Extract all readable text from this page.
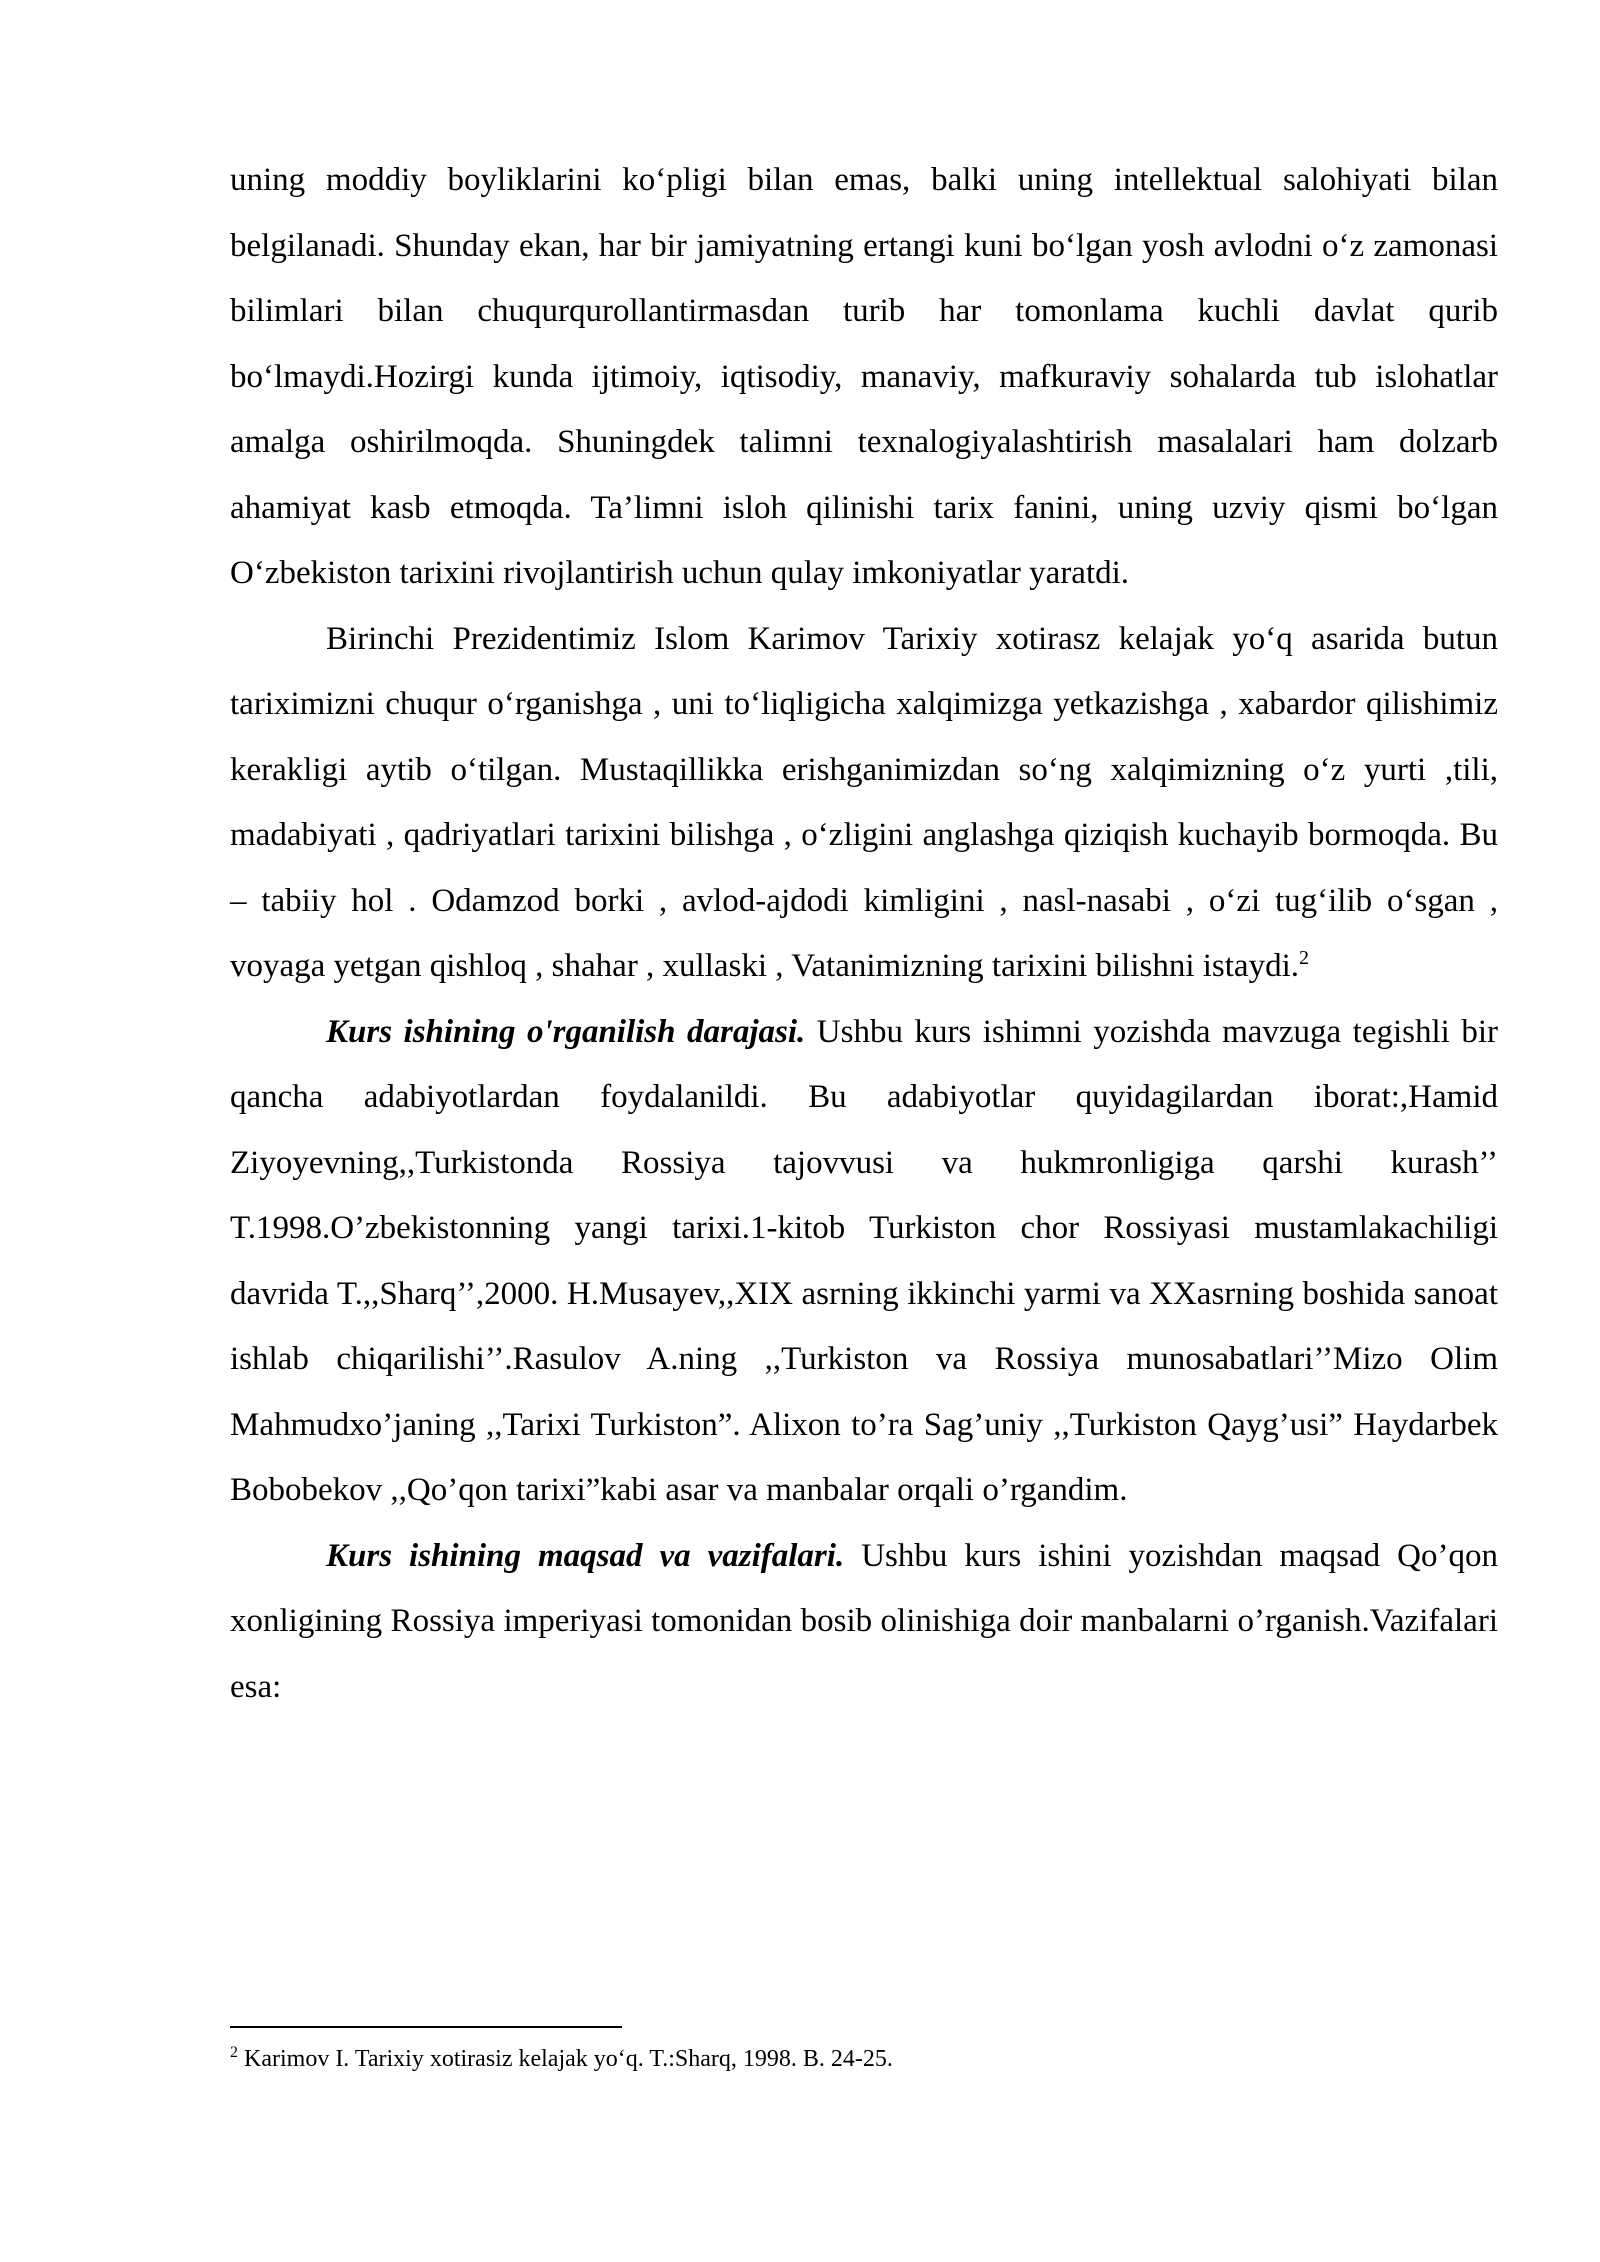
uning moddiy boyliklarini ko‘pligi bilan emas, balki uning intellektual salohiyati bilan belgilanadi. Shunday ekan, har bir jamiyatning ertangi kuni bo‘lgan yosh avlodni o‘z zamonasi bilimlari bilan chuqurqurollantirmasdan turib har tomonlama kuchli davlat qurib bo‘lmaydi.Hozirgi kunda ijtimoiy, iqtisodiy, manaviy, mafkuraviy sohalarda tub islohatlar amalga oshirilmoqda. Shuningdek talimni texnalogiyalashtirish masalalari ham dolzarb ahamiyat kasb etmoqda. Ta’limni isloh qilinishi tarix fanini, uning uzviy qismi bo‘lgan O‘zbekiston tarixini rivojlantirish uchun qulay imkoniyatlar yaratdi.

Birinchi Prezidentimiz Islom Karimov Tarixiy xotirasz kelajak yo‘q asarida butun tariximizni chuqur o‘rganishga , uni to‘liqligicha xalqimizga yetkazishga , xabardor qilishimiz kerakligi aytib o‘tilgan. Mustaqillikka erishganimizdan so‘ng xalqimizning o‘z yurti ,tili, madabiyati , qadriyatlari tarixini bilishga , o‘zligini anglashga qiziqish kuchayib bormoqda. Bu – tabiiy hol . Odamzod borki , avlod-ajdodi kimligini , nasl-nasabi , o‘zi tug‘ilib o‘sgan , voyaga yetgan qishloq , shahar , xullaski , Vatanimizning tarixini bilishni istaydi.$^2$

Kurs ishining o'rganilish darajasi. Ushbu kurs ishimni yozishda mavzuga tegishli bir qancha adabiyotlardan foydalanildi. Bu adabiyotlar quyidagilardan iborat:,Hamid Ziyoyevning,,Turkistonda Rossiya tajovvusi va hukmronligiga qarshi kurash’’ T.1998.O’zbekistonning yangi tarixi.1-kitob Turkiston chor Rossiyasi mustamlakachiligi davrida T.,,Sharq’’,2000. H.Musayev,,XIX asrning ikkinchi yarmi va XXasrning boshida sanoat ishlab chiqarilishi’’.Rasulov A.ning ,,Turkiston va Rossiya munosabatlari’’Mizo Olim Mahmudxo’janing ,,Tarixi Turkiston”. Alixon to’ra Sag’uniy ,,Turkiston Qayg’usi” Haydarbek Bobobekov ,,Qo’qon tarixi”kabi asar va manbalar orqali o’rgandim.

Kurs ishining maqsad va vazifalari. Ushbu kurs ishini yozishdan maqsad Qo’qon xonligining Rossiya imperiyasi tomonidan bosib olinishiga doir manbalarni o’rganish.Vazifalari esa:

$^2$ Karimov I. Tarixiy xotirasiz kelajak yo‘q. T.:Sharq, 1998. B. 24-25.
